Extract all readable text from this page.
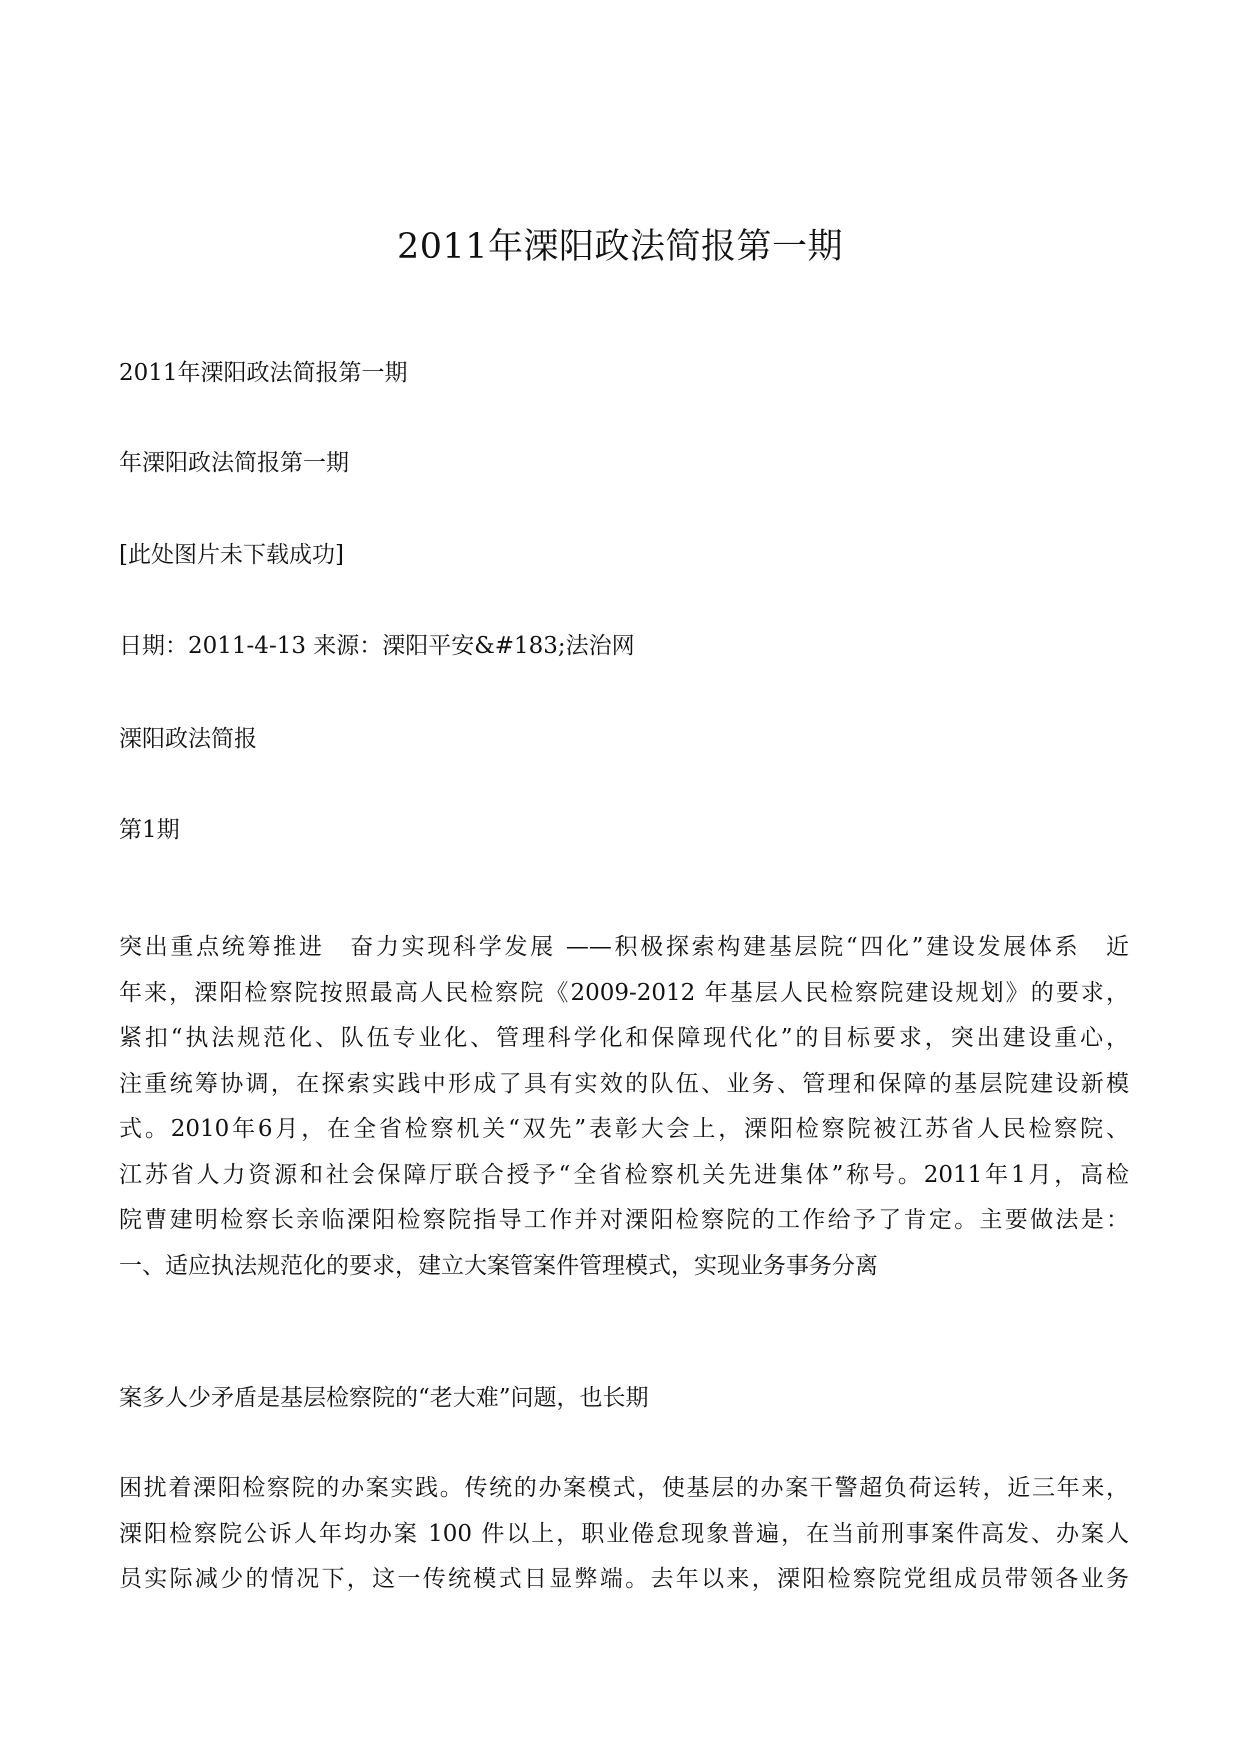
2011年溧阳政法简报第一期

2011年溧阳政法简报第一期

年溧阳政法简报第一期

[此处图片未下载成功]

日期：2011-4-13 来源：溧阳平安&#183;法治网

溧阳政法简报

第1期

突出重点统筹推进　奋力实现科学发展 ——积极探索构建基层院“四化”建设发展体系　近
年来，溧阳检察院按照最高人民检察院《2009-2012 年基层人民检察院建设规划》的要求，
紧扣“执法规范化、队伍专业化、管理科学化和保障现代化”的目标要求，突出建设重心，
注重统筹协调，在探索实践中形成了具有实效的队伍、业务、管理和保障的基层院建设新模
式。2010年6月，在全省检察机关“双先”表彰大会上，溧阳检察院被江苏省人民检察院、
江苏省人力资源和社会保障厅联合授予“全省检察机关先进集体”称号。2011年1月，高检
院曹建明检察长亲临溧阳检察院指导工作并对溧阳检察院的工作给予了肯定。主要做法是：
一、适应执法规范化的要求，建立大案管案件管理模式，实现业务事务分离

案多人少矛盾是基层检察院的“老大难”问题，也长期

困扰着溧阳检察院的办案实践。传统的办案模式，使基层的办案干警超负荷运转，近三年来，
溧阳检察院公诉人年均办案 100 件以上，职业倦怠现象普遍，在当前刑事案件高发、办案人
员实际减少的情况下，这一传统模式日显弊端。去年以来，溧阳检察院党组成员带领各业务
